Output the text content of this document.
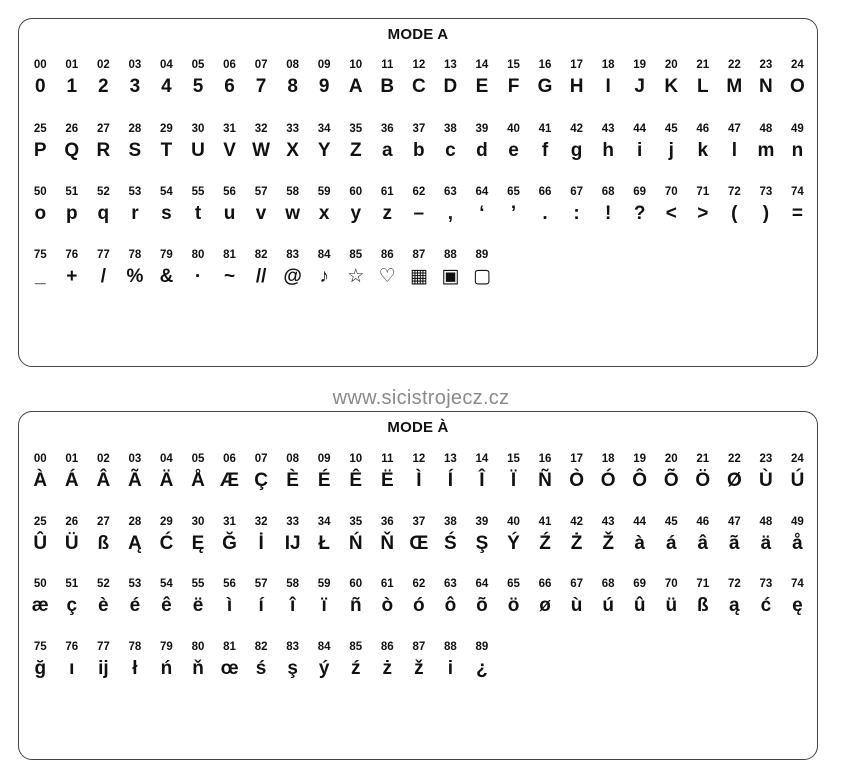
MODE A
00
0
01
1
02
2
03
3
04
4
05
5
06
6
07
7
08
8
09
9
10
A
11
B
12
C
13
D
14
E
15
F
16
G
17
H
18
I
19
J
20
K
21
L
22
M
23
N
24
O
25
P
26
Q
27
R
28
S
29
T
30
U
31
V
32
W
33
X
34
Y
35
Z
36
a
37
b
38
c
39
d
40
e
41
f
42
g
43
h
44
i
45
j
46
k
47
l
48
m
49
n
50
o
51
p
52
q
53
r
54
s
55
t
56
u
57
v
58
w
59
x
60
y
61
z
62
–
63
,
64
‘
65
’
66
.
67
:
68
!
69
?
70
<
71
>
72
(
73
)
74
=
75
_
76
+
77
/
78
%
79
&
80
·
81
~
82
//
83
@
84
♪
85
☆
86
♡
87
▦
88
▣
89
▢
www.sicistrojecz.cz
MODE À
00
À
01
Á
02
Â
03
Ã
04
Ä
05
Å
06
Æ
07
Ç
08
È
09
É
10
Ê
11
Ë
12
Ì
13
Í
14
Î
15
Ï
16
Ñ
17
Ò
18
Ó
19
Ô
20
Õ
21
Ö
22
Ø
23
Ù
24
Ú
25
Û
26
Ü
27
ß
28
Ą
29
Ć
30
Ę
31
Ğ
32
İ
33
IJ
34
Ł
35
Ń
36
Ň
37
Œ
38
Ś
39
Ş
40
Ý
41
Ź
42
Ż
43
Ž
44
à
45
á
46
â
47
ã
48
ä
49
å
50
æ
51
ç
52
è
53
é
54
ê
55
ë
56
ì
57
í
58
î
59
ï
60
ñ
61
ò
62
ó
63
ô
64
õ
65
ö
66
ø
67
ù
68
ú
69
û
70
ü
71
ß
72
ą
73
ć
74
ę
75
ğ
76
ı
77
ij
78
ł
79
ń
80
ň
81
œ
82
ś
83
ş
84
ý
85
ź
86
ż
87
ž
88
i
89
¿
